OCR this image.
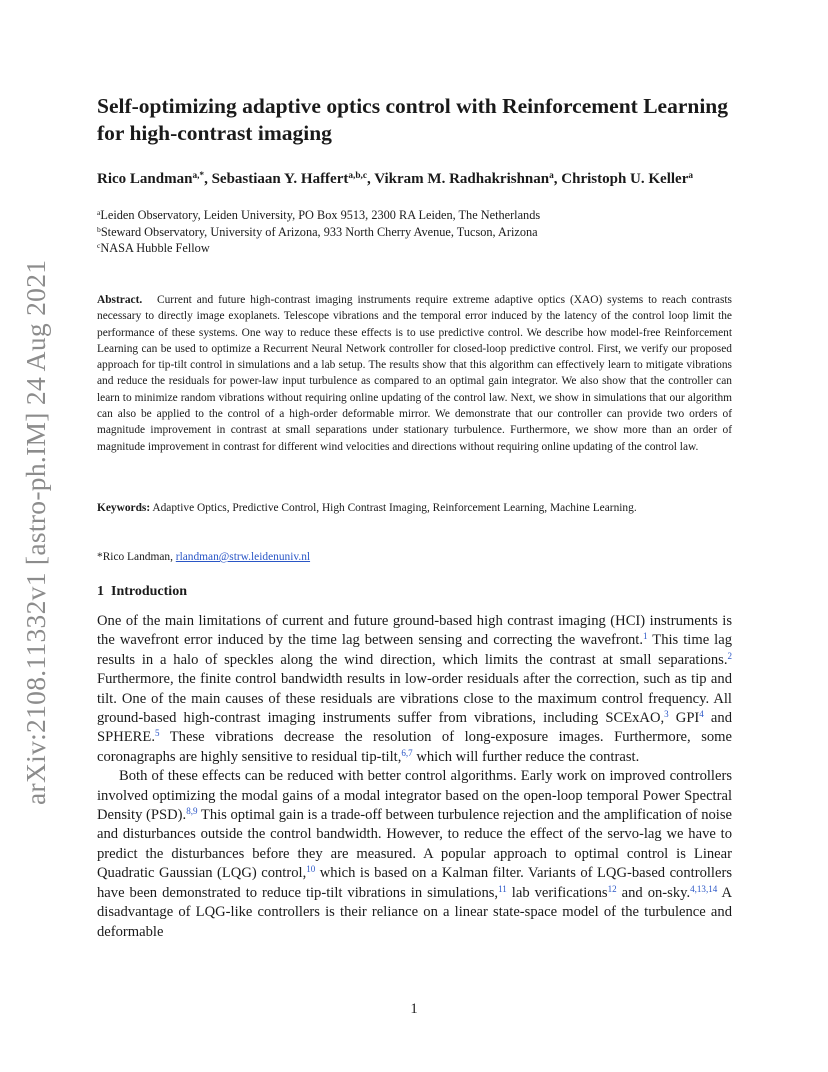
arXiv:2108.11332v1 [astro-ph.IM] 24 Aug 2021
Self-optimizing adaptive optics control with Reinforcement Learning for high-contrast imaging
Rico Landman$^{a,*}$, Sebastiaan Y. Haffert$^{a,b,c}$, Vikram M. Radhakrishnan$^a$, Christoph U. Keller$^a$
$^a$Leiden Observatory, Leiden University, PO Box 9513, 2300 RA Leiden, The Netherlands
$^b$Steward Observatory, University of Arizona, 933 North Cherry Avenue, Tucson, Arizona
$^c$NASA Hubble Fellow
Abstract. Current and future high-contrast imaging instruments require extreme adaptive optics (XAO) systems to reach contrasts necessary to directly image exoplanets. Telescope vibrations and the temporal error induced by the latency of the control loop limit the performance of these systems. One way to reduce these effects is to use predictive control. We describe how model-free Reinforcement Learning can be used to optimize a Recurrent Neural Network controller for closed-loop predictive control. First, we verify our proposed approach for tip-tilt control in simulations and a lab setup. The results show that this algorithm can effectively learn to mitigate vibrations and reduce the residuals for power-law input turbulence as compared to an optimal gain integrator. We also show that the controller can learn to minimize random vibrations without requiring online updating of the control law. Next, we show in simulations that our algorithm can also be applied to the control of a high-order deformable mirror. We demonstrate that our controller can provide two orders of magnitude improvement in contrast at small separations under stationary turbulence. Furthermore, we show more than an order of magnitude improvement in contrast for different wind velocities and directions without requiring online updating of the control law.
Keywords: Adaptive Optics, Predictive Control, High Contrast Imaging, Reinforcement Learning, Machine Learning.
*Rico Landman, rlandman@strw.leidenuniv.nl
1 Introduction

One of the main limitations of current and future ground-based high contrast imaging (HCI) instruments is the wavefront error induced by the time lag between sensing and correcting the wavefront.$^1$ This time lag results in a halo of speckles along the wind direction, which limits the contrast at small separations.$^2$ Furthermore, the finite control bandwidth results in low-order residuals after the correction, such as tip and tilt. One of the main causes of these residuals are vibrations close to the maximum control frequency. All ground-based high-contrast imaging instruments suffer from vibrations, including SCExAO,$^3$ GPI$^4$ and SPHERE.$^5$ These vibrations decrease the resolution of long-exposure images. Furthermore, some coronagraphs are highly sensitive to residual tip-tilt,$^{6,7}$ which will further reduce the contrast.

Both of these effects can be reduced with better control algorithms. Early work on improved controllers involved optimizing the modal gains of a modal integrator based on the open-loop temporal Power Spectral Density (PSD).$^{8,9}$ This optimal gain is a trade-off between turbulence rejection and the amplification of noise and disturbances outside the control bandwidth. However, to reduce the effect of the servo-lag we have to predict the disturbances before they are measured. A popular approach to optimal control is Linear Quadratic Gaussian (LQG) control,$^{10}$ which is based on a Kalman filter. Variants of LQG-based controllers have been demonstrated to reduce tip-tilt vibrations in simulations,$^{11}$ lab verifications$^{12}$ and on-sky.$^{4,13,14}$ A disadvantage of LQG-like controllers is their reliance on a linear state-space model of the turbulence and deformable

1
